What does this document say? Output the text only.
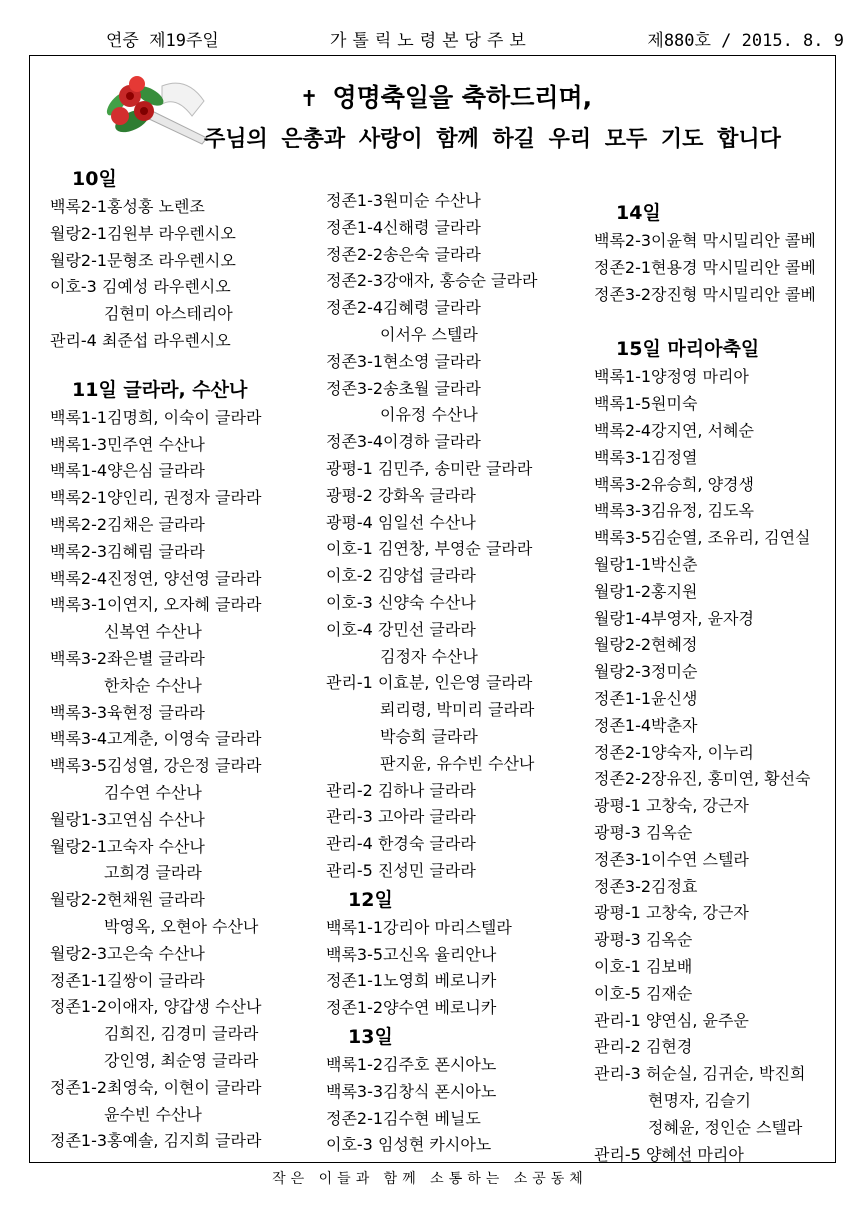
연중 제19주일	가톨릭노령본당주보	제880호 / 2015. 8. 9
✝ 영명축일을 축하드리며,
주님의 은총과 사랑이 함께 하길 우리 모두 기도 합니다
10일
백록2-1홍성홍 노렌조
월랑2-1김원부 라우렌시오
월랑2-1문형조 라우렌시오
이호-3 김예성 라우렌시오
김현미 아스테리아
관리-4 최준섭 라우렌시오
11일 글라라, 수산나
백록1-1김명희, 이숙이 글라라
백록1-3민주연 수산나
백록1-4양은심 글라라
백록2-1양인리, 권정자 글라라
백록2-2김채은 글라라
백록2-3김혜림 글라라
백록2-4진정연, 양선영 글라라
백록3-1이연지, 오자혜 글라라
신복연 수산나
백록3-2좌은별 글라라
한차순 수산나
백록3-3육현정 글라라
백록3-4고계춘, 이영숙 글라라
백록3-5김성열, 강은정 글라라
김수연 수산나
월랑1-3고연심 수산나
월랑2-1고숙자 수산나
고희경 글라라
월랑2-2현채원 글라라
박영옥, 오현아 수산나
월랑2-3고은숙 수산나
정존1-1길쌍이 글라라
정존1-2이애자, 양갑생 수산나
김희진, 김경미 글라라
강인영, 최순영 글라라
정존1-2최영숙, 이현이 글라라
윤수빈 수산나
정존1-3홍예솔, 김지희 글라라
정존1-3원미순 수산나
정존1-4신해령 글라라
정존2-2송은숙 글라라
정존2-3강애자, 홍승순 글라라
정존2-4김혜령 글라라
이서우 스텔라
정존3-1현소영 글라라
정존3-2송초월 글라라
이유정 수산나
정존3-4이경하 글라라
광평-1 김민주, 송미란 글라라
광평-2 강화옥 글라라
광평-4 임일선 수산나
이호-1 김연창, 부영순 글라라
이호-2 김양섭 글라라
이호-3 신양숙 수산나
이호-4 강민선 글라라
김정자 수산나
관리-1 이효분, 인은영 글라라
뢰리령, 박미리 글라라
박승희 글라라
판지윤, 유수빈 수산나
관리-2 김하나 글라라
관리-3 고아라 글라라
관리-4 한경숙 글라라
관리-5 진성민 글라라
12일
백록1-1강리아 마리스텔라
백록3-5고신옥 율리안나
정존1-1노영희 베로니카
정존1-2양수연 베로니카
13일
백록1-2김주호 폰시아노
백록3-3김창식 폰시아노
정존2-1김수현 베닐도
이호-3 임성현 카시아노
14일
백록2-3이윤혁 막시밀리안 콜베
정존2-1현용경 막시밀리안 콜베
정존3-2장진형 막시밀리안 콜베
15일 마리아축일
백록1-1양정영 마리아
백록1-5원미숙
백록2-4강지연, 서혜순
백록3-1김정열
백록3-2유승희, 양경생
백록3-3김유정, 김도옥
백록3-5김순열, 조유리, 김연실
월랑1-1박신춘
월랑1-2홍지원
월랑1-4부영자, 윤자경
월랑2-2현혜정
월랑2-3정미순
정존1-1윤신생
정존1-4박춘자
정존2-1양숙자, 이누리
정존2-2장유진, 홍미연, 황선숙
광평-1 고창숙, 강근자
광평-3 김옥순
정존3-1이수연 스텔라
정존3-2김정효
광평-1 고창숙, 강근자
광평-3 김옥순
이호-1 김보배
이호-5 김재순
관리-1 양연심, 윤주운
관리-2 김현경
관리-3 허순실, 김귀순, 박진희
현명자, 김슬기
정혜윤, 정인순 스텔라
관리-5 양혜선 마리아
작은 이들과 함께 소통하는 소공동체
